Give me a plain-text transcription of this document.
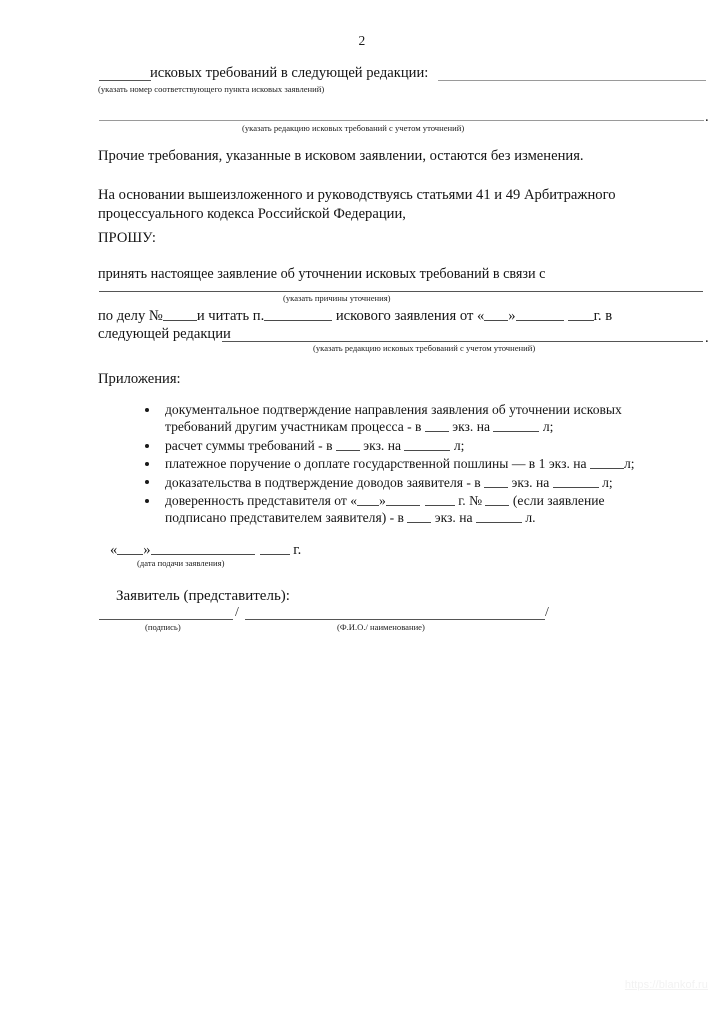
2
исковых требований в следующей редакции:
(указать номер соответствующего пункта исковых заявлений)
.
(указать редакцию исковых требований с учетом уточнений)
Прочие требования, указанные в исковом заявлении, остаются без изменения.
На основании вышеизложенного и руководствуясь статьями 41 и 49 Арбитражного
процессуального кодекса Российской Федерации,
ПРОШУ:
принять настоящее заявление об уточнении исковых требований в связи с
(указать причины уточнения)
по делу № и читать п.	искового заявления от « »	г. в
следующей редакции	.
(указать редакцию исковых требований с учетом уточнений)
Приложения:
документальное подтверждение направления заявления об уточнении исковых
требований другим участникам процесса - в  экз. на	л;
расчет суммы требований - в  экз. на	л;
платежное поручение о доплате государственной пошлины — в 1 экз. на	л;
доказательства в подтверждение доводов заявителя - в  экз. на	л;
доверенность представителя от « »	г. №  (если заявление
подписано представителем заявителя) - в  экз. на	л.
« »	г.
(дата подачи заявления)
Заявитель (представитель):
/	/
(подпись)	(Ф.И.О./ наименование)
https://blankof.ru
